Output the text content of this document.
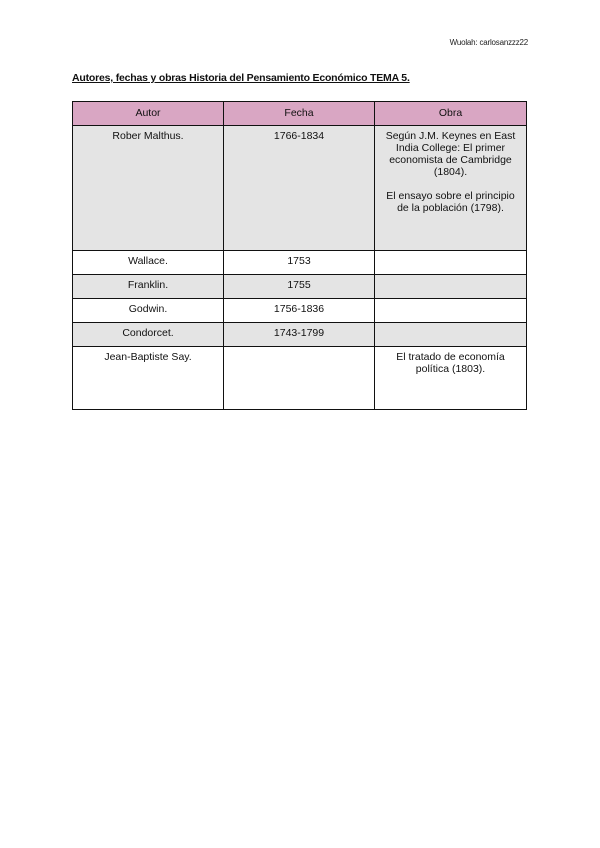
Wuolah: carlosanzzz22
Autores, fechas y obras Historia del Pensamiento Económico TEMA 5.
Autor	Fecha	Obra
Rober Malthus.	1766-1834	Según J.M. Keynes en East India College: El primer economista de Cambridge (1804).
El ensayo sobre el principio de la población (1798).

Wallace.	1753	
Franklin.	1755	
Godwin.	1756-1836	
Condorcet.	1743-1799	
Jean-Baptiste Say.		El tratado de economía política (1803).
